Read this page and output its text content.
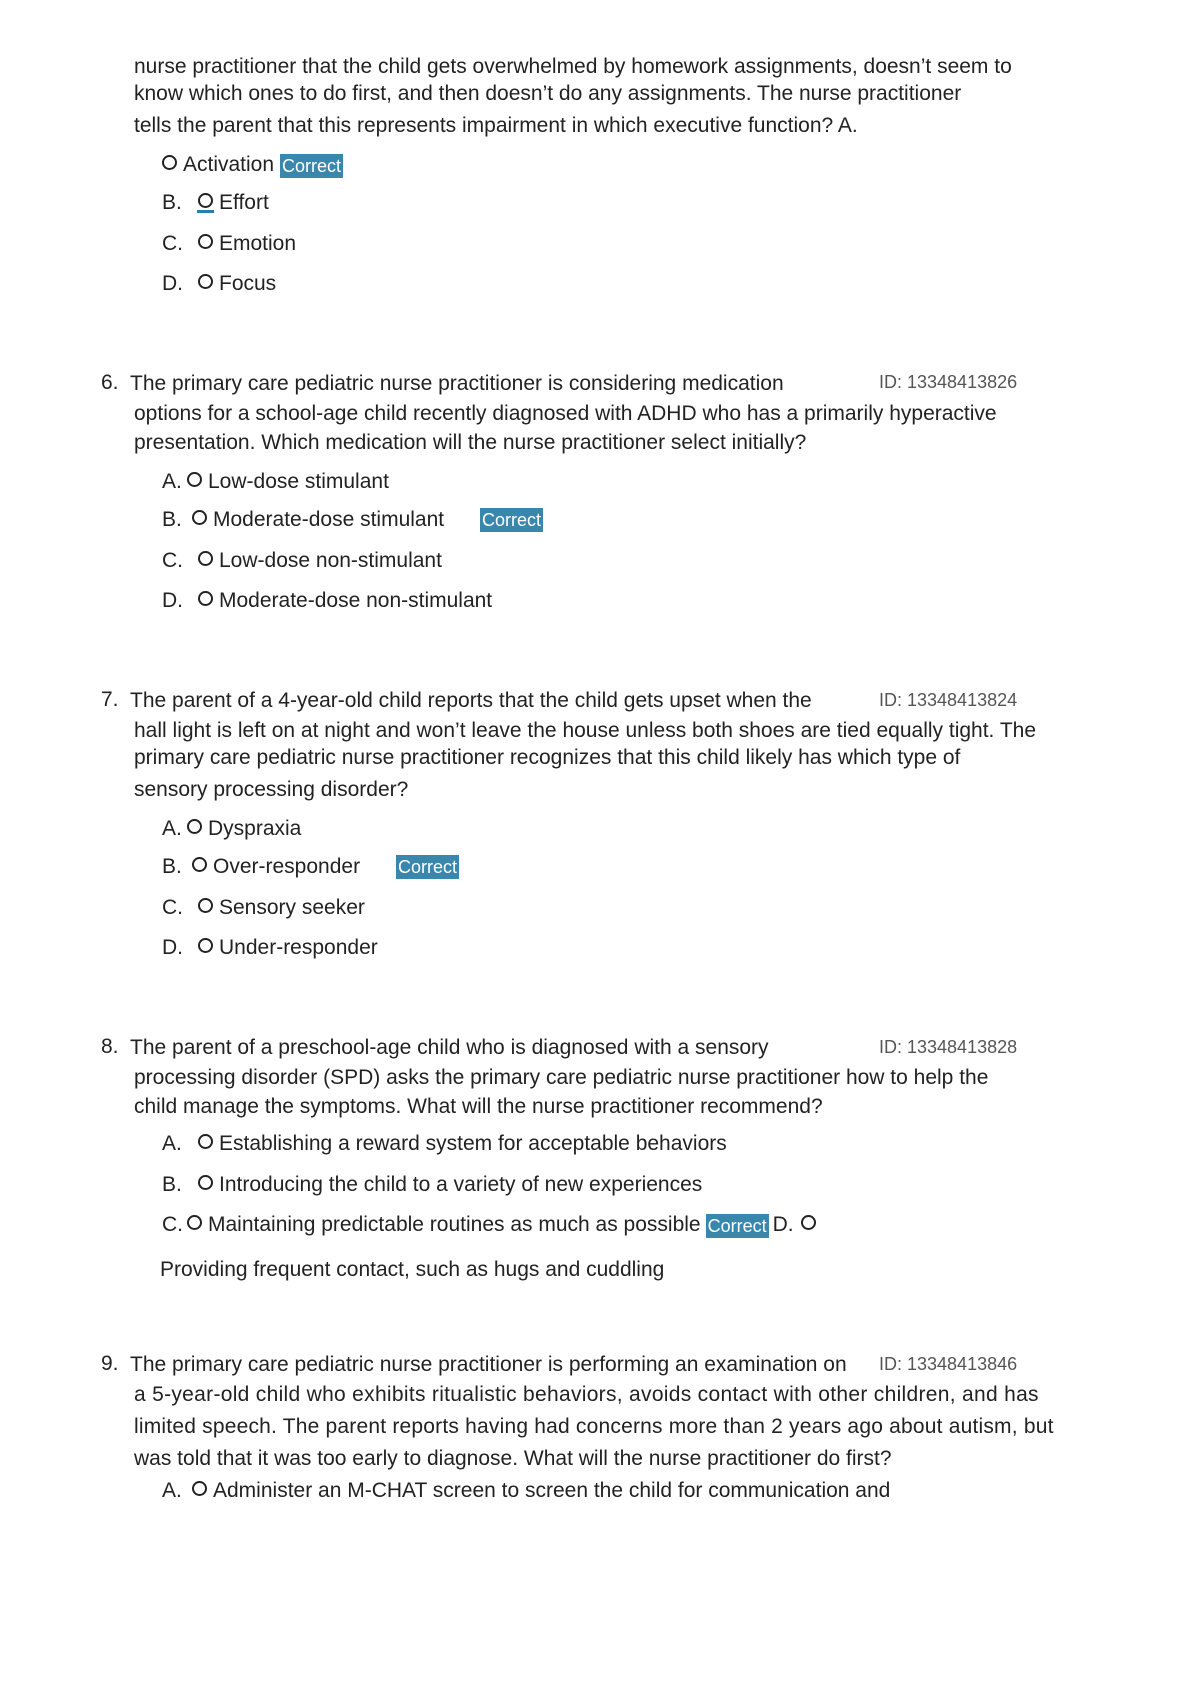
nurse practitioner that the child gets overwhelmed by homework assignments, doesn’t seem to
know which ones to do first, and then doesn’t do any assignments. The nurse practitioner
tells the parent that this represents impairment in which executive function? A.
Activation Correct
B.	Effort
C.	Emotion
D.	Focus
6. The primary care pediatric nurse practitioner is considering medication	ID: 13348413826
options for a school-age child recently diagnosed with ADHD who has a primarily hyperactive
presentation. Which medication will the nurse practitioner select initially?
A. Low-dose stimulant
B.	Moderate-dose stimulant Correct
C.	Low-dose non-stimulant
D.	Moderate-dose non-stimulant
7. The parent of a 4-year-old child reports that the child gets upset when the	ID: 13348413824
hall light is left on at night and won’t leave the house unless both shoes are tied equally tight. The
primary care pediatric nurse practitioner recognizes that this child likely has which type of
sensory processing disorder?
A. Dyspraxia
B.	Over-responder Correct
C.	Sensory seeker
D.	Under-responder
8. The parent of a preschool-age child who is diagnosed with a sensory	ID: 13348413828
processing disorder (SPD) asks the primary care pediatric nurse practitioner how to help the
child manage the symptoms. What will the nurse practitioner recommend?
A.	Establishing a reward system for acceptable behaviors
B.	Introducing the child to a variety of new experiences
C. Maintaining predictable routines as much as possible Correct D.
Providing frequent contact, such as hugs and cuddling
9. The primary care pediatric nurse practitioner is performing an examination on ID: 13348413846
a 5-year-old child who exhibits ritualistic behaviors, avoids contact with other children, and has
limited speech. The parent reports having had concerns more than 2 years ago about autism, but
was told that it was too early to diagnose. What will the nurse practitioner do first?
A.	Administer an M-CHAT screen to screen the child for communication and
